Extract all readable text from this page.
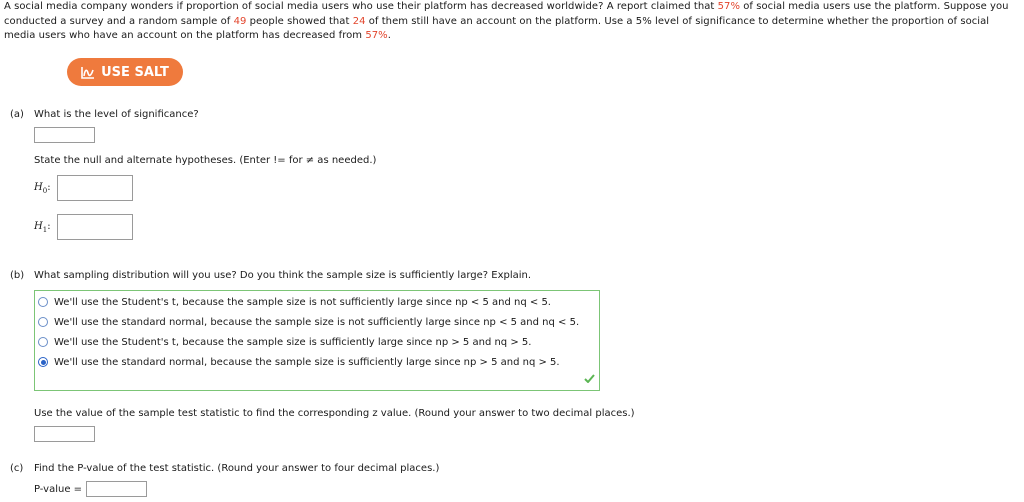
A social media company wonders if proportion of social media users who use their platform has decreased worldwide? A report claimed that 57% of social media users use the platform. Suppose you conducted a survey and a random sample of 49 people showed that 24 of them still have an account on the platform. Use a 5% level of significance to determine whether the proportion of social media users who have an account on the platform has decreased from 57%.
USE SALT
(a) What is the level of significance?
State the null and alternate hypotheses. (Enter != for ≠ as needed.)
$H_0$:
$H_1$:
(b) What sampling distribution will you use? Do you think the sample size is sufficiently large? Explain.
We'll use the Student's t, because the sample size is not sufficiently large since np < 5 and nq < 5.
We'll use the standard normal, because the sample size is not sufficiently large since np < 5 and nq < 5.
We'll use the Student's t, because the sample size is sufficiently large since np > 5 and nq > 5.
We'll use the standard normal, because the sample size is sufficiently large since np > 5 and nq > 5.
Use the value of the sample test statistic to find the corresponding z value. (Round your answer to two decimal places.)
(c) Find the P-value of the test statistic. (Round your answer to four decimal places.)
P-value =
